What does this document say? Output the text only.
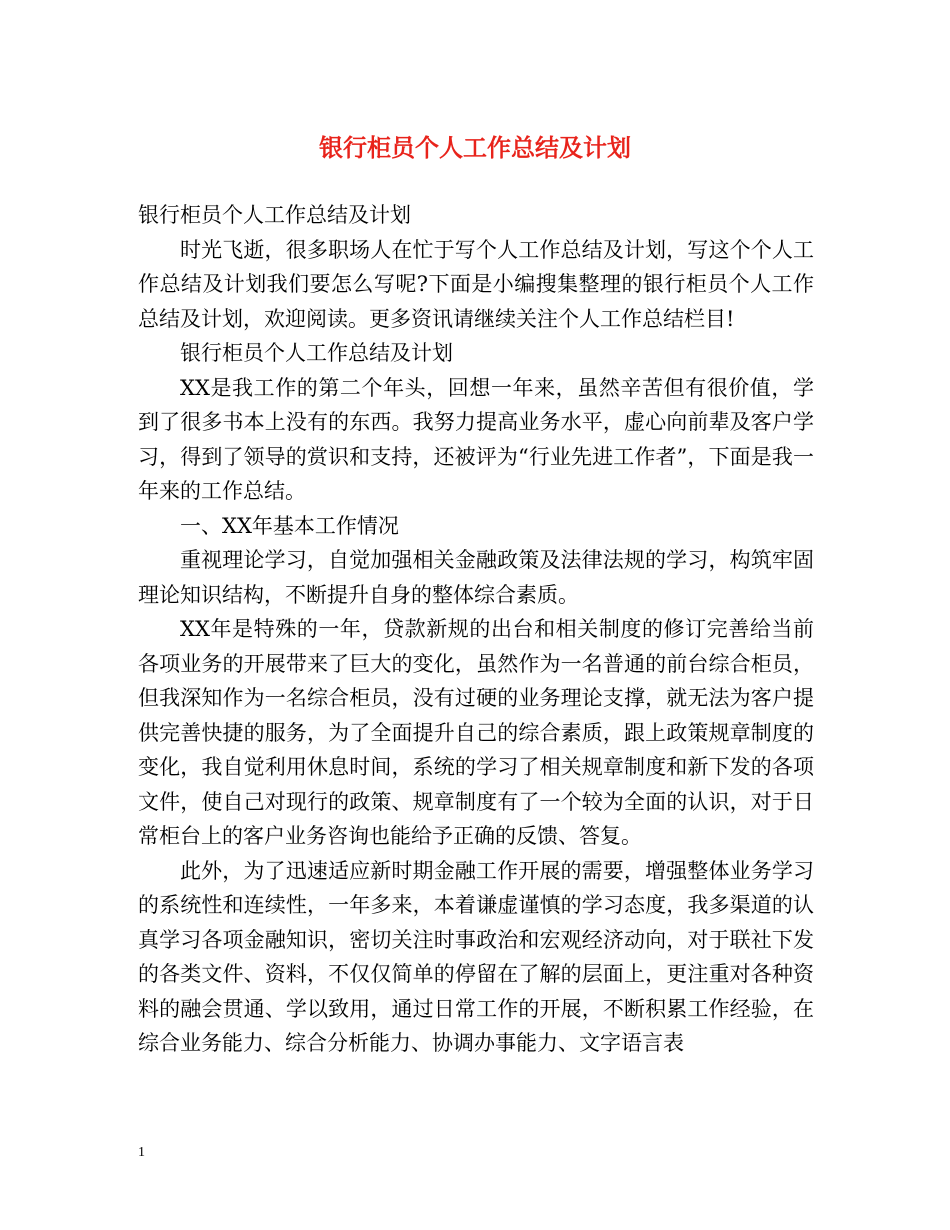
银行柜员个人工作总结及计划

银行柜员个人工作总结及计划

时光飞逝，很多职场人在忙于写个人工作总结及计划，写这个个人工作总结及计划我们要怎么写呢?下面是小编搜集整理的银行柜员个人工作总结及计划，欢迎阅读。更多资讯请继续关注个人工作总结栏目!

银行柜员个人工作总结及计划

XX是我工作的第二个年头，回想一年来，虽然辛苦但有很价值，学到了很多书本上没有的东西。我努力提高业务水平，虚心向前辈及客户学习，得到了领导的赏识和支持，还被评为“行业先进工作者”，下面是我一年来的工作总结。

一、XX年基本工作情况

重视理论学习，自觉加强相关金融政策及法律法规的学习，构筑牢固理论知识结构，不断提升自身的整体综合素质。

XX年是特殊的一年，贷款新规的出台和相关制度的修订完善给当前各项业务的开展带来了巨大的变化，虽然作为一名普通的前台综合柜员，但我深知作为一名综合柜员，没有过硬的业务理论支撑，就无法为客户提供完善快捷的服务，为了全面提升自己的综合素质，跟上政策规章制度的变化，我自觉利用休息时间，系统的学习了相关规章制度和新下发的各项文件，使自己对现行的政策、规章制度有了一个较为全面的认识，对于日常柜台上的客户业务咨询也能给予正确的反馈、答复。

此外，为了迅速适应新时期金融工作开展的需要，增强整体业务学习的系统性和连续性，一年多来，本着谦虚谨慎的学习态度，我多渠道的认真学习各项金融知识，密切关注时事政治和宏观经济动向，对于联社下发的各类文件、资料，不仅仅简单的停留在了解的层面上，更注重对各种资料的融会贯通、学以致用，通过日常工作的开展，不断积累工作经验，在综合业务能力、综合分析能力、协调办事能力、文字语言表

1
